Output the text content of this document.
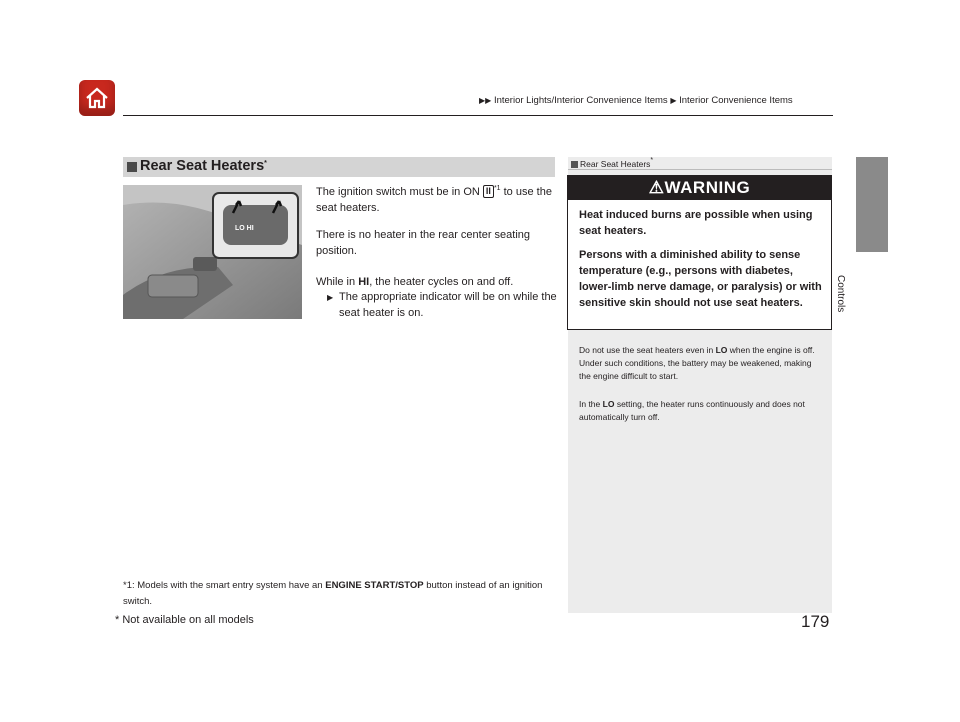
▶▶ Interior Lights/Interior Convenience Items ▶ Interior Convenience Items
Controls
Rear Seat Heaters*
LO HI
The ignition switch must be in ON II $^{*1}$ to use the seat heaters.
There is no heater in the rear center seating position.
While in HI, the heater cycles on and off.
▶ The appropriate indicator will be on while the seat heater is on.
*1: Models with the smart entry system have an ENGINE START/STOP button instead of an ignition switch.
Rear Seat Heaters*
⚠WARNING
Heat induced burns are possible when using seat heaters.
Persons with a diminished ability to sense temperature (e.g., persons with diabetes, lower-limb nerve damage, or paralysis) or with sensitive skin should not use seat heaters.
Do not use the seat heaters even in LO when the engine is off. Under such conditions, the battery may be weakened, making the engine difficult to start.
In the LO setting, the heater runs continuously and does not automatically turn off.
179
* Not available on all models
